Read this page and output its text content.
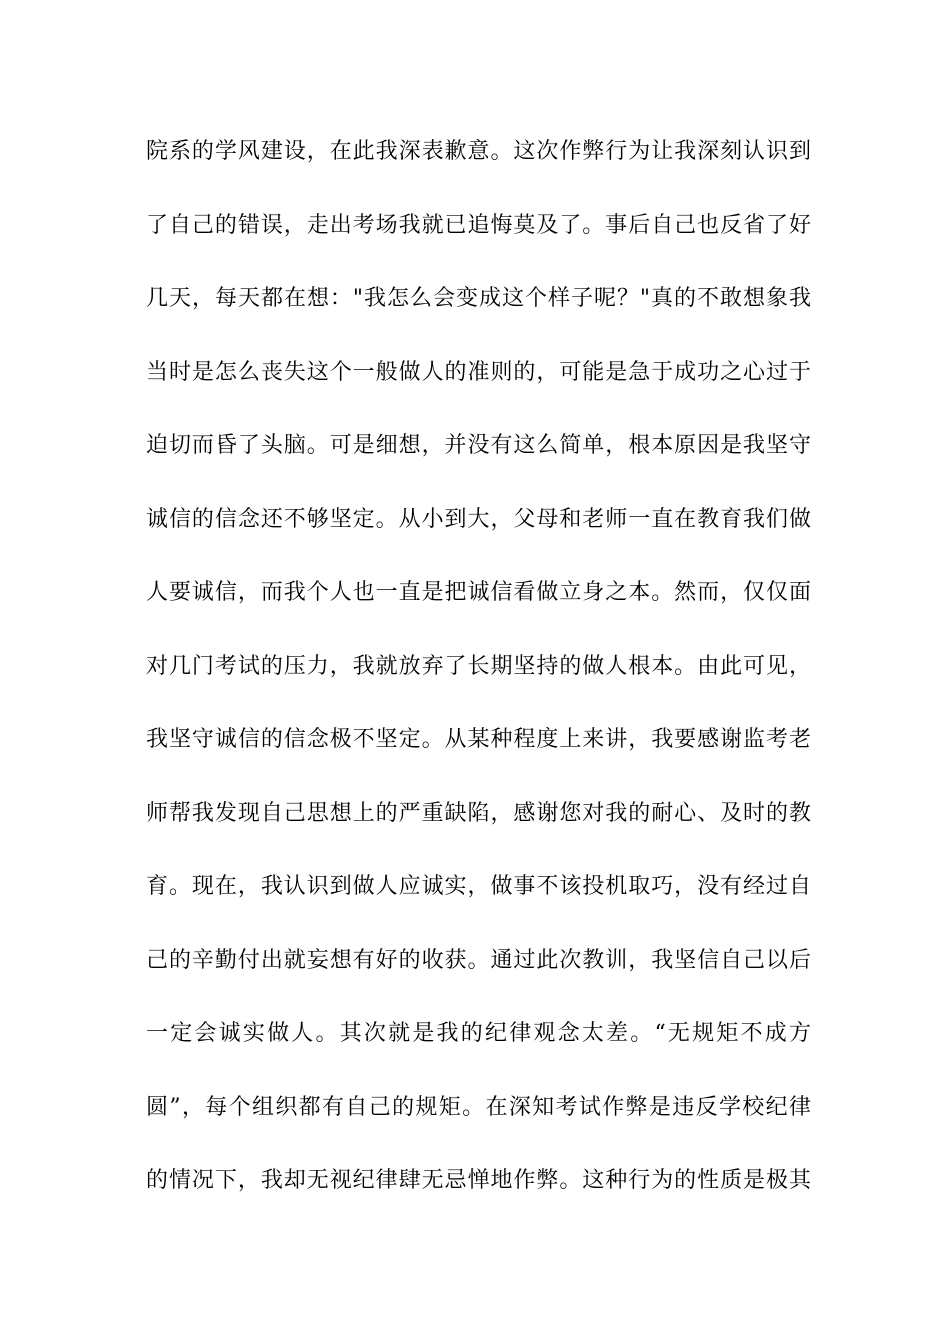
院系的学风建设，在此我深表歉意。这次作弊行为让我深刻认识到
了自己的错误，走出考场我就已追悔莫及了。事后自己也反省了好
几天，每天都在想："我怎么会变成这个样子呢？"真的不敢想象我
当时是怎么丧失这个一般做人的准则的，可能是急于成功之心过于
迫切而昏了头脑。可是细想，并没有这么简单，根本原因是我坚守
诚信的信念还不够坚定。从小到大，父母和老师一直在教育我们做
人要诚信，而我个人也一直是把诚信看做立身之本。然而，仅仅面
对几门考试的压力，我就放弃了长期坚持的做人根本。由此可见，
我坚守诚信的信念极不坚定。从某种程度上来讲，我要感谢监考老
师帮我发现自己思想上的严重缺陷，感谢您对我的耐心、及时的教
育。现在，我认识到做人应诚实，做事不该投机取巧，没有经过自
己的辛勤付出就妄想有好的收获。通过此次教训，我坚信自己以后
一定会诚实做人。其次就是我的纪律观念太差。“无规矩不成方
圆”，每个组织都有自己的规矩。在深知考试作弊是违反学校纪律
的情况下，我却无视纪律肆无忌惮地作弊。这种行为的性质是极其
